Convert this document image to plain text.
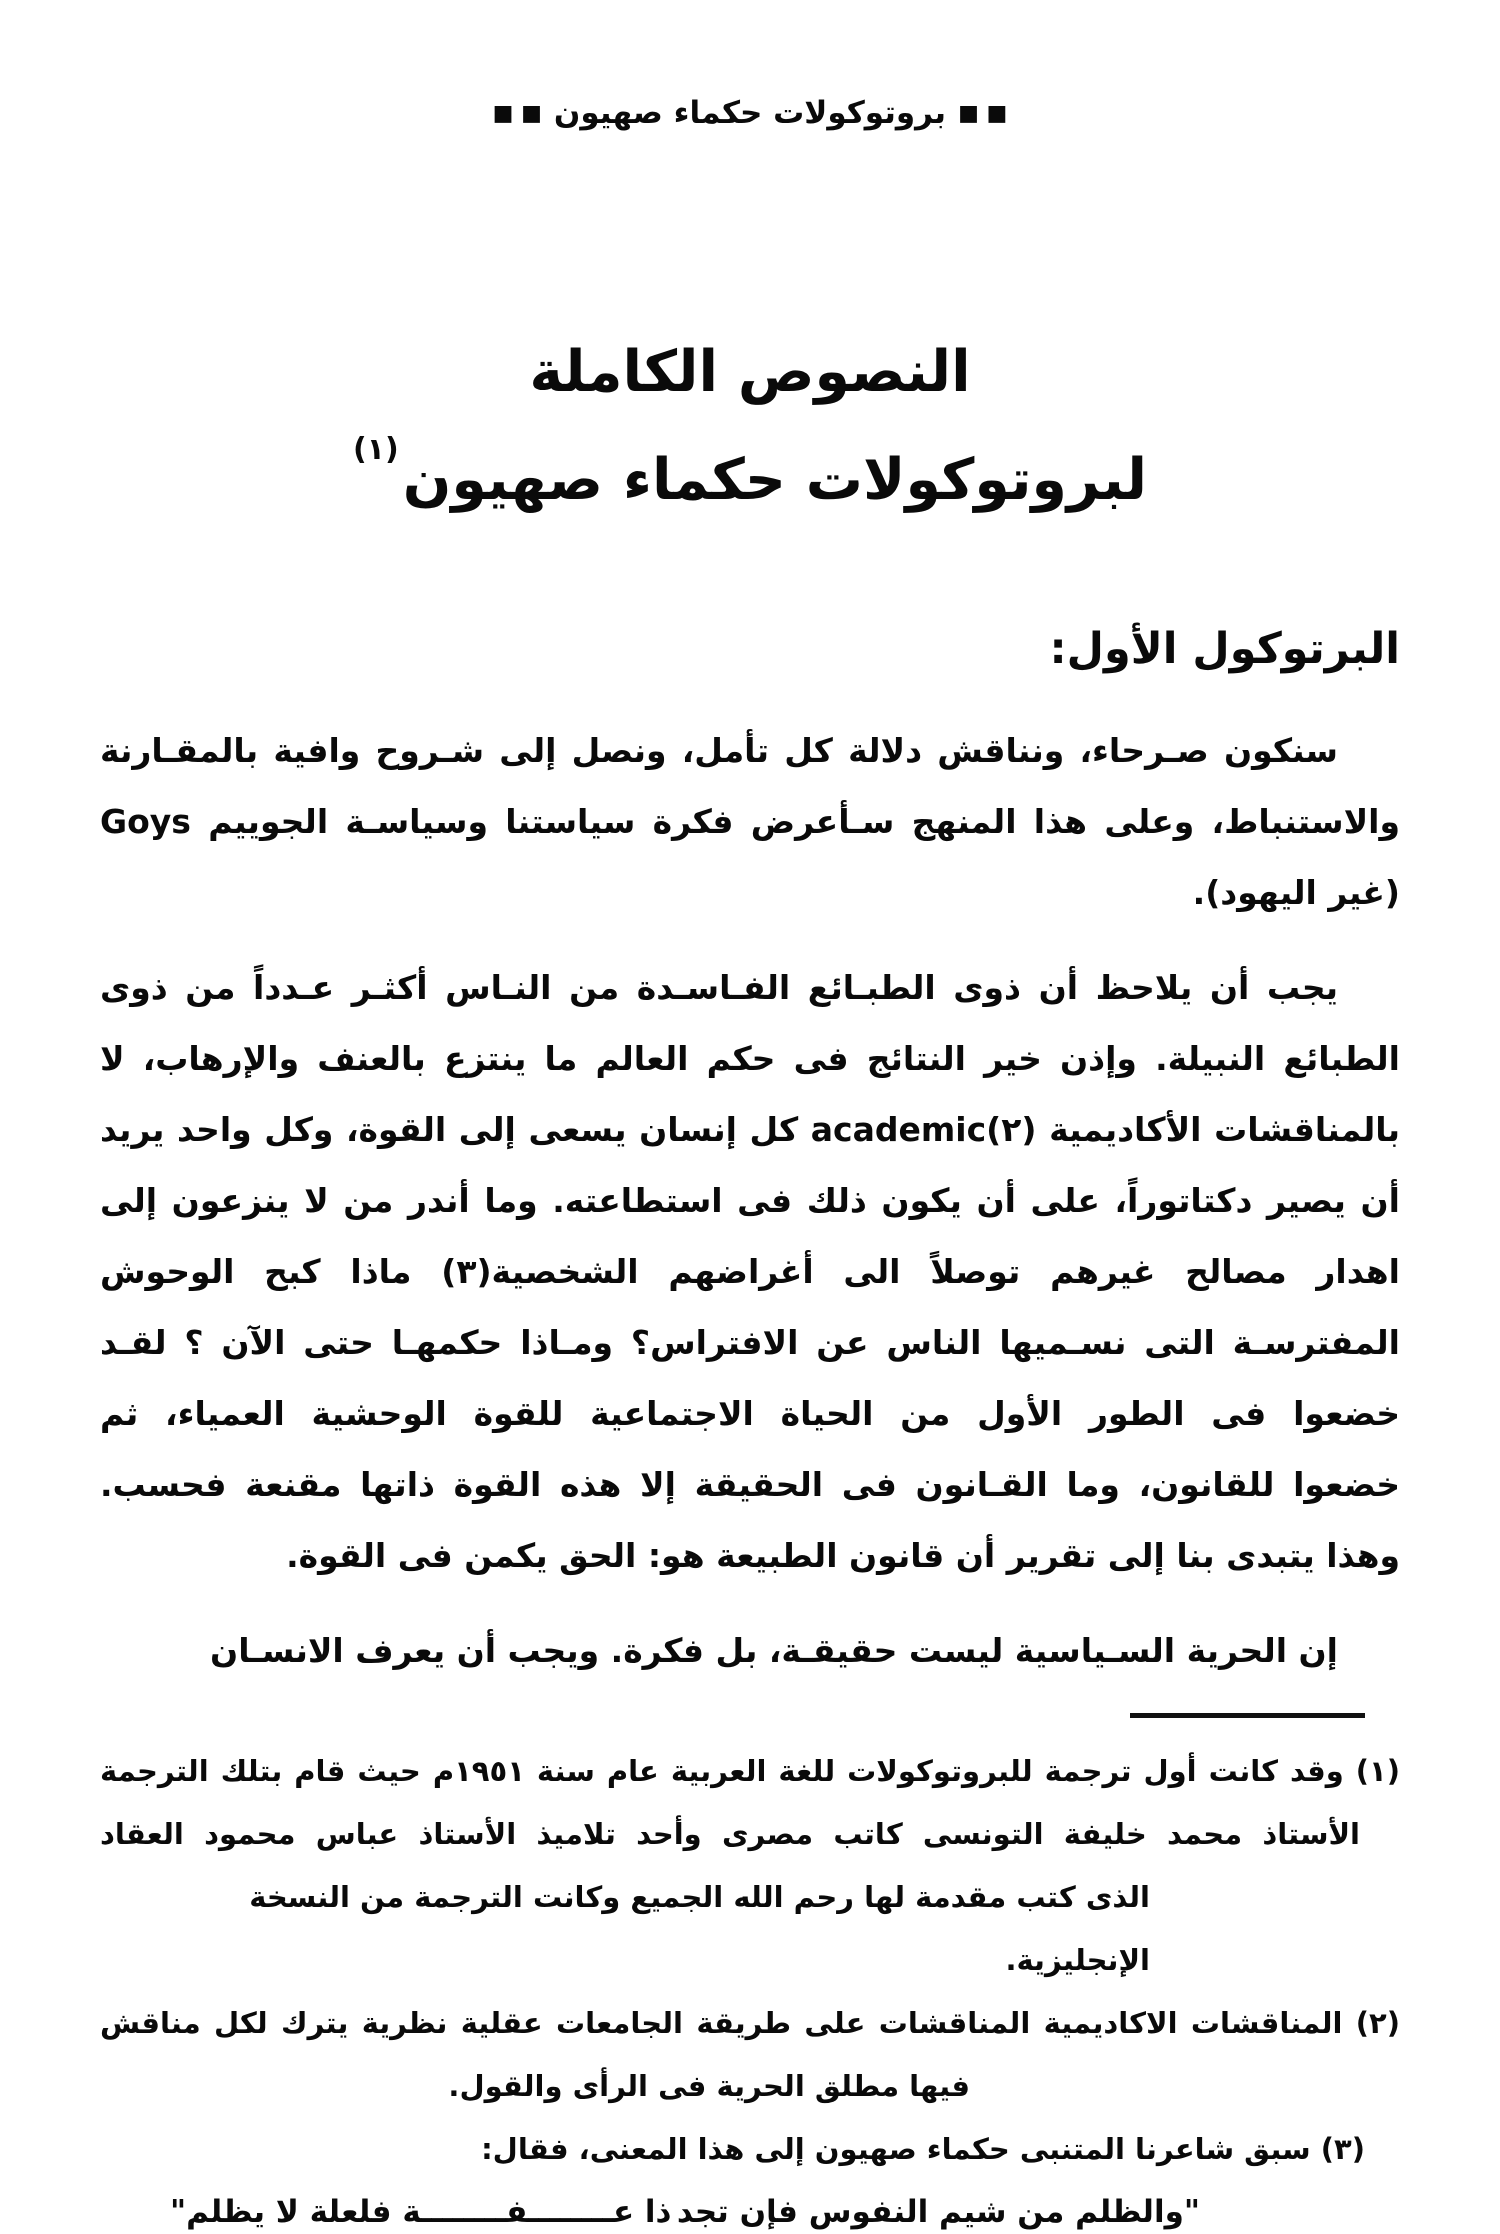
■ ■بروتوكولات حكماء صهيون■ ■
النصوص الكاملة
لبروتوكولات حكماء صهيون$^{(١)}$
البرتوكول الأول:
سنكون صـرحاء، ونناقش دلالة كل تأمل، ونصل إلى شـروح وافية بالمقـارنة
والاستنباط، وعلى هذا المنهج سـأعرض فكرة سياستنا وسياسـة الجوييم Goys
(غير اليهود).
يجب أن يلاحظ أن ذوى الطبـائع الفـاسـدة من النـاس أكثـر عـدداً من ذوى
الطبائع النبيلة. وإذن خير النتائج فى حكم العالم ما ينتزع بالعنف والإرهاب، لا
بالمناقشات الأكاديمية (٢)academic كل إنسان يسعى إلى القوة، وكل واحد يريد
أن يصير دكتاتوراً، على أن يكون ذلك فى استطاعته. وما أندر من لا ينزعون إلى
اهدار مصالح غيرهم توصلاً الى أغراضهم الشخصية(٣) ماذا كبح الوحوش
المفترسـة التى نسـميها الناس عن الافتراس؟ ومـاذا حكمهـا حتى الآن ؟ لقـد
خضعوا فى الطور الأول من الحياة الاجتماعية للقوة الوحشية العمياء، ثم
خضعوا للقانون، وما القـانون فى الحقيقة إلا هذه القوة ذاتها مقنعة فحسب.
وهذا يتبدى بنا إلى تقرير أن قانون الطبيعة هو: الحق يكمن فى القوة.
إن الحرية السـياسية ليست حقيقـة، بل فكرة. ويجب أن يعرف الانسـان
(١) وقد كانت أول ترجمة للبروتوكولات للغة العربية عام سنة ١٩٥١م حيث قام بتلك الترجمة
الأستاذ محمد خليفة التونسى كاتب مصرى وأحد تلاميذ الأستاذ عباس محمود العقاد
الذى كتب مقدمة لها رحم الله الجميع وكانت الترجمة من النسخة الإنجليزية.
(٢) المناقشات الاكاديمية المناقشات على طريقة الجامعات عقلية نظرية يترك لكل مناقش
فيها مطلق الحرية فى الرأى والقول.
(٣) سبق شاعرنا المتنبى حكماء صهيون إلى هذا المعنى، فقال:
"والظلم من شيم النفوس فإن تجد
ذا عــــــــفــــــــة فلعلة لا يظلم"
